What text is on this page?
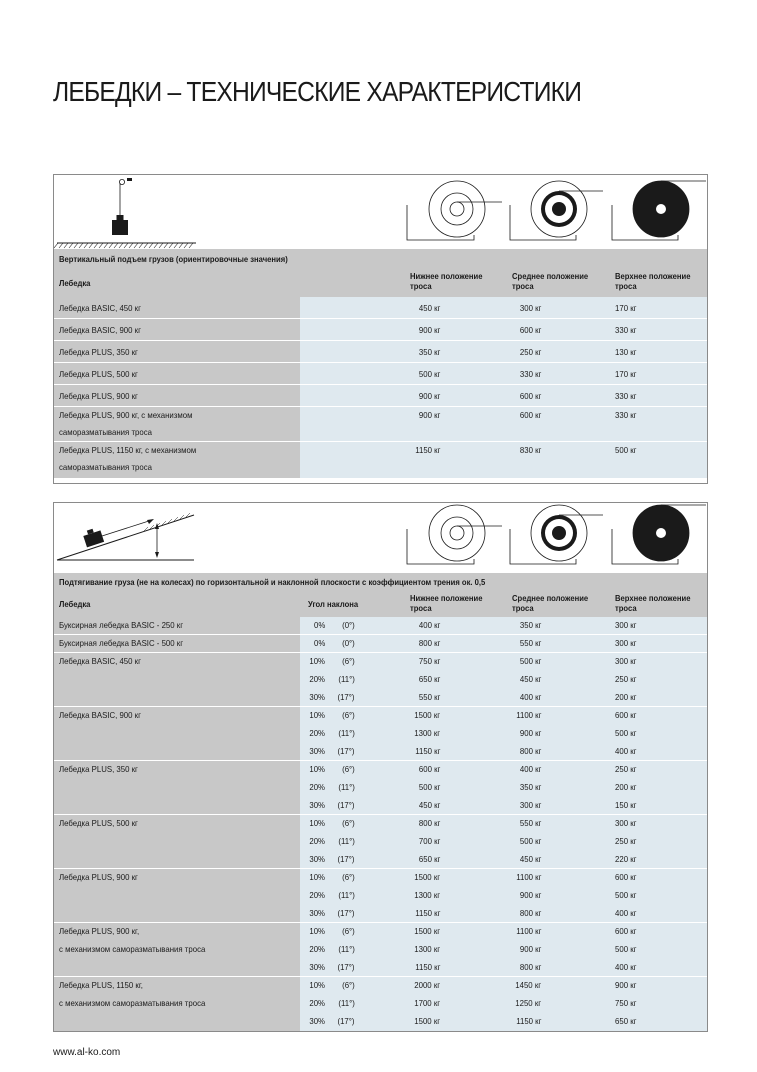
ЛЕБЕДКИ – ТЕХНИЧЕСКИЕ ХАРАКТЕРИСТИКИ
Вертикальный подъем грузов (ориентировочные значения)
Лебедка
Нижнее положение
троса
Среднее положение
троса
Верхнее положение
троса
Лебедка BASIC, 450 кг	450 кг	300 кг	170 кг
Лебедка BASIC, 900 кг	900 кг	600 кг	330 кг
Лебедка PLUS, 350 кг	350 кг	250 кг	130 кг
Лебедка PLUS, 500 кг	500 кг	330 кг	170 кг
Лебедка PLUS, 900 кг	900 кг	600 кг	330 кг
Лебедка PLUS, 900 кг, с механизмом
саморазматывания троса
900 кг	600 кг	330 кг
Лебедка PLUS, 1150 кг, с механизмом
саморазматывания троса
1150 кг	830 кг	500 кг
Подтягивание груза (не на колесах) по горизонтальной и наклонной плоскости с коэффициентом трения ок. 0,5
Лебедка	Угол наклона
Нижнее положение
троса
Среднее положение
троса
Верхнее положение
троса
Буксирная лебедка BASIC - 250 кг	0% (0°)	400 кг	350 кг	300 кг
Буксирная лебедка BASIC - 500 кг	0% (0°)	800 кг	550 кг	300 кг
Лебедка BASIC, 450 кг	10% (6°)	750 кг	500 кг	300 кг
20% (11°)	650 кг	450 кг	250 кг
30% (17°)	550 кг	400 кг	200 кг
Лебедка BASIC, 900 кг	10% (6°)	1500 кг	1100 кг	600 кг
20% (11°)	1300 кг	900 кг	500 кг
30% (17°)	1150 кг	800 кг	400 кг
Лебедка PLUS, 350 кг	10% (6°)	600 кг	400 кг	250 кг
20% (11°)	500 кг	350 кг	200 кг
30% (17°)	450 кг	300 кг	150 кг
Лебедка PLUS, 500 кг	10% (6°)	800 кг	550 кг	300 кг
20% (11°)	700 кг	500 кг	250 кг
30% (17°)	650 кг	450 кг	220 кг
Лебедка PLUS, 900 кг	10% (6°)	1500 кг	1100 кг	600 кг
20% (11°)	1300 кг	900 кг	500 кг
30% (17°)	1150 кг	800 кг	400 кг
Лебедка PLUS, 900 кг,
с механизмом саморазматывания троса
10% (6°)	1500 кг	1100 кг	600 кг
20% (11°)	1300 кг	900 кг	500 кг
30% (17°)	1150 кг	800 кг	400 кг
Лебедка PLUS, 1150 кг,
с механизмом саморазматывания троса
10% (6°)	2000 кг	1450 кг	900 кг
20% (11°)	1700 кг	1250 кг	750 кг
30% (17°)	1500 кг	1150 кг	650 кг
www.al-ko.com
